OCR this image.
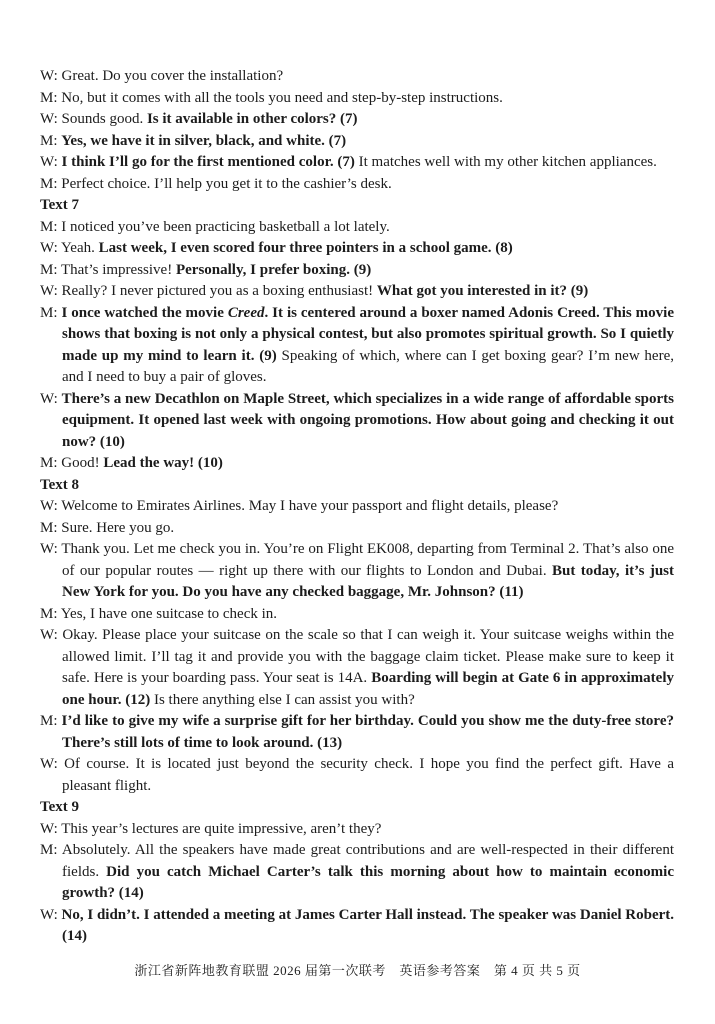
W: Great. Do you cover the installation?

M: No, but it comes with all the tools you need and step-by-step instructions.

W: Sounds good. Is it available in other colors? (7)

M: Yes, we have it in silver, black, and white. (7)

W: I think I’ll go for the first mentioned color. (7) It matches well with my other kitchen appliances.

M: Perfect choice. I’ll help you get it to the cashier’s desk.

Text 7

M: I noticed you’ve been practicing basketball a lot lately.

W: Yeah. Last week, I even scored four three pointers in a school game. (8)

M: That’s impressive! Personally, I prefer boxing. (9)

W: Really? I never pictured you as a boxing enthusiast! What got you interested in it? (9)

M: I once watched the movie Creed. It is centered around a boxer named Adonis Creed. This movie shows that boxing is not only a physical contest, but also promotes spiritual growth. So I quietly made up my mind to learn it. (9) Speaking of which, where can I get boxing gear? I’m new here, and I need to buy a pair of gloves.

W: There’s a new Decathlon on Maple Street, which specializes in a wide range of affordable sports equipment. It opened last week with ongoing promotions. How about going and checking it out now? (10)

M: Good! Lead the way! (10)

Text 8

W: Welcome to Emirates Airlines. May I have your passport and flight details, please?

M: Sure. Here you go.

W: Thank you. Let me check you in. You’re on Flight EK008, departing from Terminal 2. That’s also one of our popular routes — right up there with our flights to London and Dubai. But today, it’s just New York for you. Do you have any checked baggage, Mr. Johnson? (11)

M: Yes, I have one suitcase to check in.

W: Okay. Please place your suitcase on the scale so that I can weigh it. Your suitcase weighs within the allowed limit. I’ll tag it and provide you with the baggage claim ticket. Please make sure to keep it safe. Here is your boarding pass. Your seat is 14A. Boarding will begin at Gate 6 in approximately one hour. (12) Is there anything else I can assist you with?

M: I’d like to give my wife a surprise gift for her birthday. Could you show me the duty-free store? There’s still lots of time to look around. (13)

W: Of course. It is located just beyond the security check. I hope you find the perfect gift. Have a pleasant flight.

Text 9

W: This year’s lectures are quite impressive, aren’t they?

M: Absolutely. All the speakers have made great contributions and are well-respected in their different fields. Did you catch Michael Carter’s talk this morning about how to maintain economic growth? (14)

W: No, I didn’t. I attended a meeting at James Carter Hall instead. The speaker was Daniel Robert. (14)

浙江省新阵地教育联盟 2026 届第一次联考　英语参考答案　第 4 页 共 5 页
